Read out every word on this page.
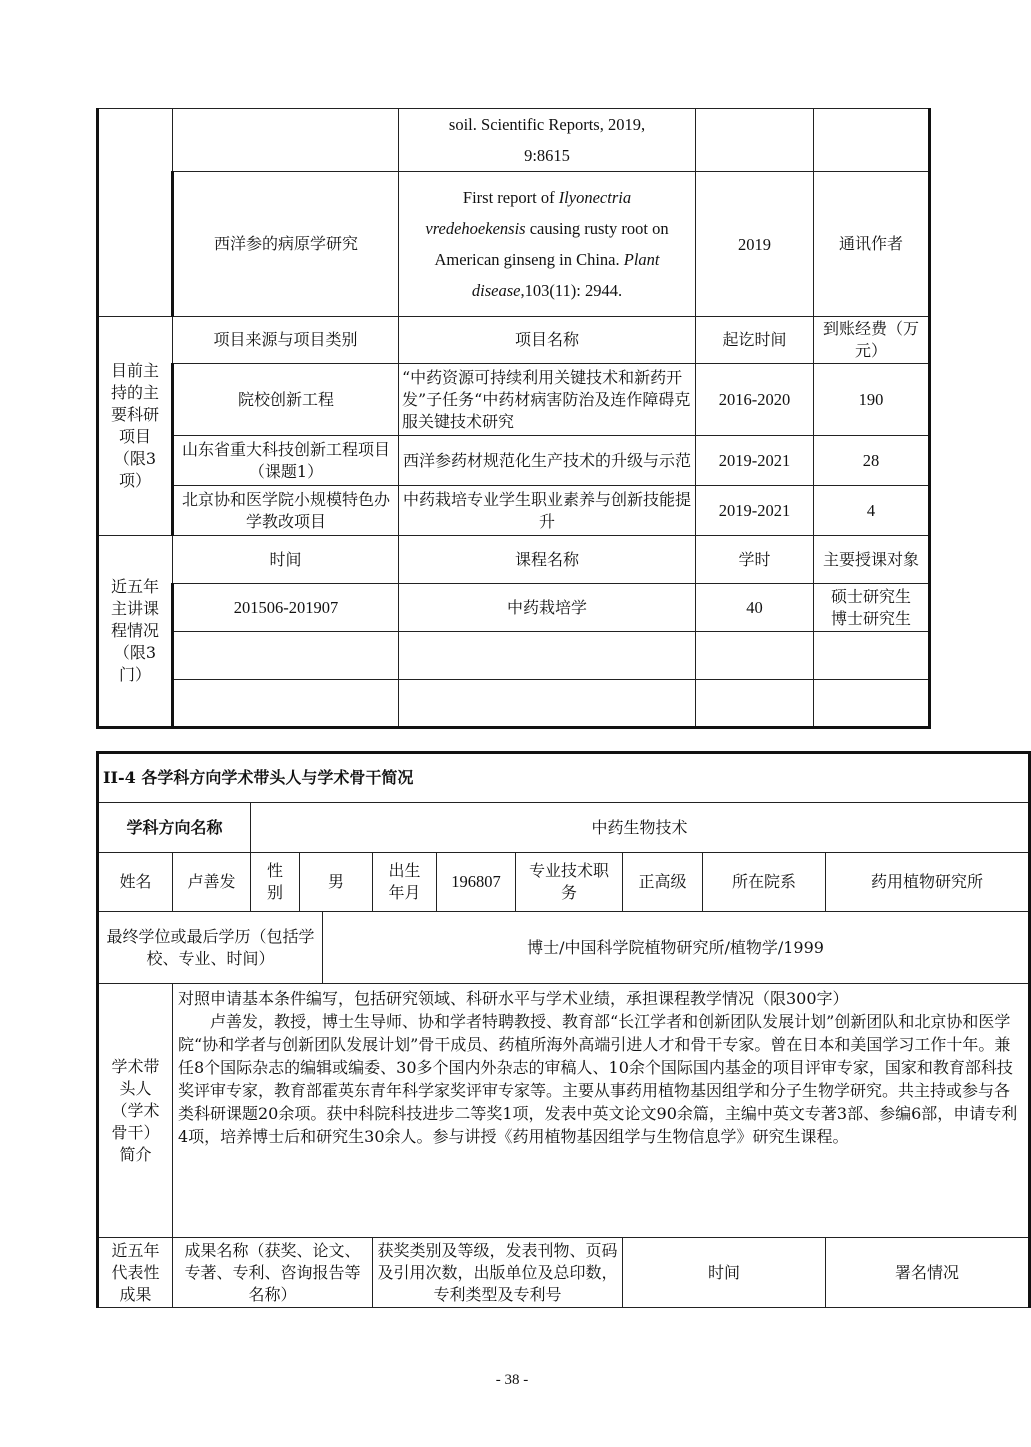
		soil. Scientific Reports, 2019, 9:8615		
	西洋参的病原学研究	First report of Ilyonectria vredehoekensis causing rusty root on American ginseng in China. Plant disease,103(11): 2944.	2019	通讯作者
目前主持的主要科研项目（限3项）	项目来源与项目类别	项目名称	起讫时间	到账经费（万元）
	院校创新工程	“中药资源可持续利用关键技术和新药开发”子任务“中药材病害防治及连作障碍克服关键技术研究	2016-2020	190
	山东省重大科技创新工程项目（课题1）	西洋参药材规范化生产技术的升级与示范	2019-2021	28
	北京协和医学院小规模特色办学教改项目	中药栽培专业学生职业素养与创新技能提升	2019-2021	4
近五年主讲课程情况（限3门）	时间	课程名称	学时	主要授课对象
	201506-201907	中药栽培学	40	硕士研究生 博士研究生

II-4 各学科方向学术带头人与学术骨干简况										
学科方向名称		中药生物技术								
姓名	卢善发	性别	男		出生年月	196807	专业技术职　务	正高级	所在院系	药用植物研究所
最终学位或最后学历（包括学校、专业、时间）				博士/中国科学院植物研究所/植物学/1999						
学术带头人（学术骨干）简介	对照申请基本条件编写，包括研究领域、科研水平与学术业绩，承担课程教学情况（限300字）
卢善发，教授，博士生导师、协和学者特聘教授、教育部“长江学者和创新团队发展计划”创新团队和北京协和医学院“协和学者与创新团队发展计划”骨干成员、药植所海外高端引进人才和骨干专家。曾在日本和美国学习工作十年。兼任8个国际杂志的编辑或编委、30多个国内外杂志的审稿人、10余个国际国内基金的项目评审专家，国家和教育部科技奖评审专家，教育部霍英东青年科学家奖评审专家等。主要从事药用植物基因组学和分子生物学研究。共主持或参与各类科研课题20余项。获中科院科技进步二等奖1项，发表中英文论文90余篇，主编中英文专著3部、参编6部，申请专利4项，培养博士后和研究生30余人。参与讲授《药用植物基因组学与生物信息学》研究生课程。									

近五年代表性成果	成果名称（获奖、论文、专著、专利、咨询报告等名称）				获奖类别及等级，发表刊物、页码及引用次数，出版单位及总印数，专利类型及专利号			时间		署名情况
- 38 -
